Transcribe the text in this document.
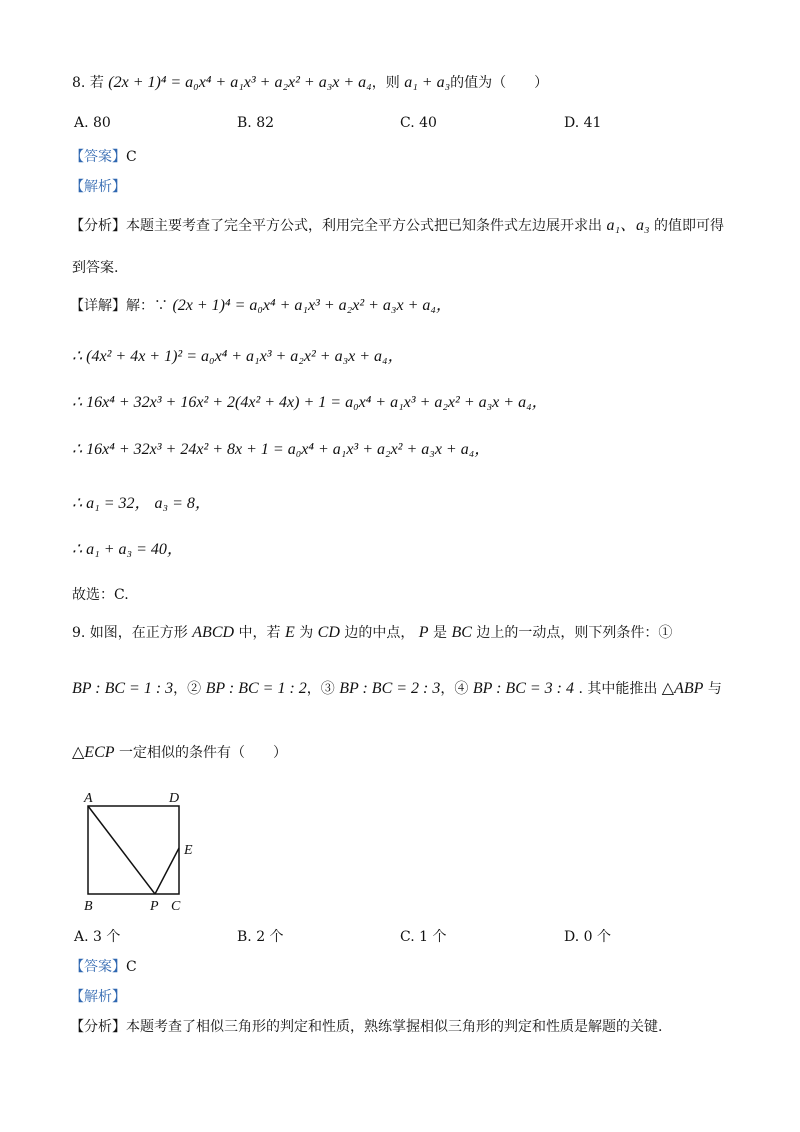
8. 若 (2x + 1)⁴ = a₀x⁴ + a₁x³ + a₂x² + a₃x + a₄，则 a₁ + a₃的值为（　　）
A. 80	B. 82	C. 40	D. 41
【答案】C
【解析】
【分析】本题主要考查了完全平方公式，利用完全平方公式把已知条件式左边展开求出 a₁、a₃ 的值即可得
到答案.
【详解】解：∵ (2x + 1)⁴ = a₀x⁴ + a₁x³ + a₂x² + a₃x + a₄，
∴ (4x² + 4x + 1)² = a₀x⁴ + a₁x³ + a₂x² + a₃x + a₄，
∴ 16x⁴ + 32x³ + 16x² + 2(4x² + 4x) + 1 = a₀x⁴ + a₁x³ + a₂x² + a₃x + a₄，
∴ 16x⁴ + 32x³ + 24x² + 8x + 1 = a₀x⁴ + a₁x³ + a₂x² + a₃x + a₄，
∴ a₁ = 32， a₃ = 8，
∴ a₁ + a₃ = 40，
故选：C.
9. 如图，在正方形 ABCD 中，若 E 为 CD 边的中点， P 是 BC 边上的一动点，则下列条件：①
BP : BC = 1 : 3，② BP : BC = 1 : 2，③ BP : BC = 2 : 3，④ BP : BC = 3 : 4 . 其中能推出 △ABP 与
△ECP 一定相似的条件有（　　）
A	D
E
B	P C
A. 3 个	B. 2 个	C. 1 个	D. 0 个
【答案】C
【解析】
【分析】本题考查了相似三角形的判定和性质，熟练掌握相似三角形的判定和性质是解题的关键.
